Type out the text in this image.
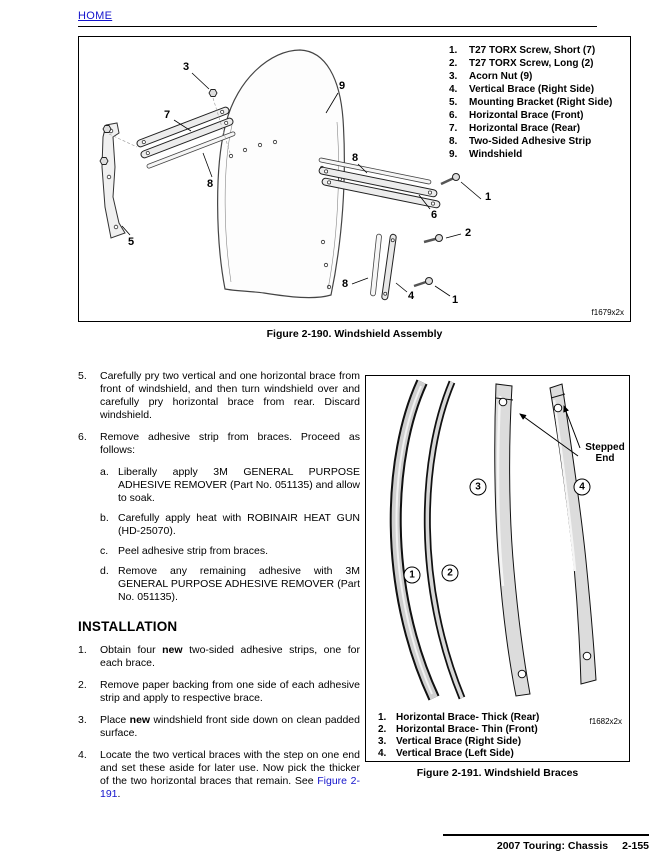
HOME
1.	T27 TORX Screw, Short (7)
2.	T27 TORX Screw, Long (2)
3.	Acorn Nut (9)
4.	Vertical Brace (Right Side)
5.	Mounting Bracket (Right Side)
6.	Horizontal Brace (Front)
7.	Horizontal Brace (Rear)
8.	Two-Sided Adhesive Strip
9.	Windshield
3
9
7
8
8
1
6
2
5
8
4	1
f1679x2x
Figure 2-190. Windshield Assembly
5.	Carefully pry two vertical and one horizontal brace from front of windshield, and then turn windshield over and carefully pry horizontal brace from rear. Discard windshield.
6.	Remove adhesive strip from braces. Proceed as follows:
a. Liberally apply 3M GENERAL PURPOSE ADHESIVE REMOVER (Part No. 051135) and allow to soak.
b. Carefully apply heat with ROBINAIR HEAT GUN (HD-25070).
c. Peel adhesive strip from braces.
d. Remove any remaining adhesive with 3M GENERAL PURPOSE ADHESIVE REMOVER (Part No. 051135).
INSTALLATION
1.	Obtain four new two-sided adhesive strips, one for each brace.
2.	Remove paper backing from one side of each adhesive strip and apply to respective brace.
3.	Place new windshield front side down on clean padded surface.
4.	Locate the two vertical braces with the step on one end and set these aside for later use. Now pick the thicker of the two horizontal braces that remain. See Figure 2-191.
1	2
3	4
Stepped End
1. Horizontal Brace- Thick (Rear)
2. Horizontal Brace- Thin (Front)
3. Vertical Brace (Right Side)
4. Vertical Brace (Left Side)
f1682x2x
Figure 2-191. Windshield Braces
2007 Touring: Chassis 2-155
